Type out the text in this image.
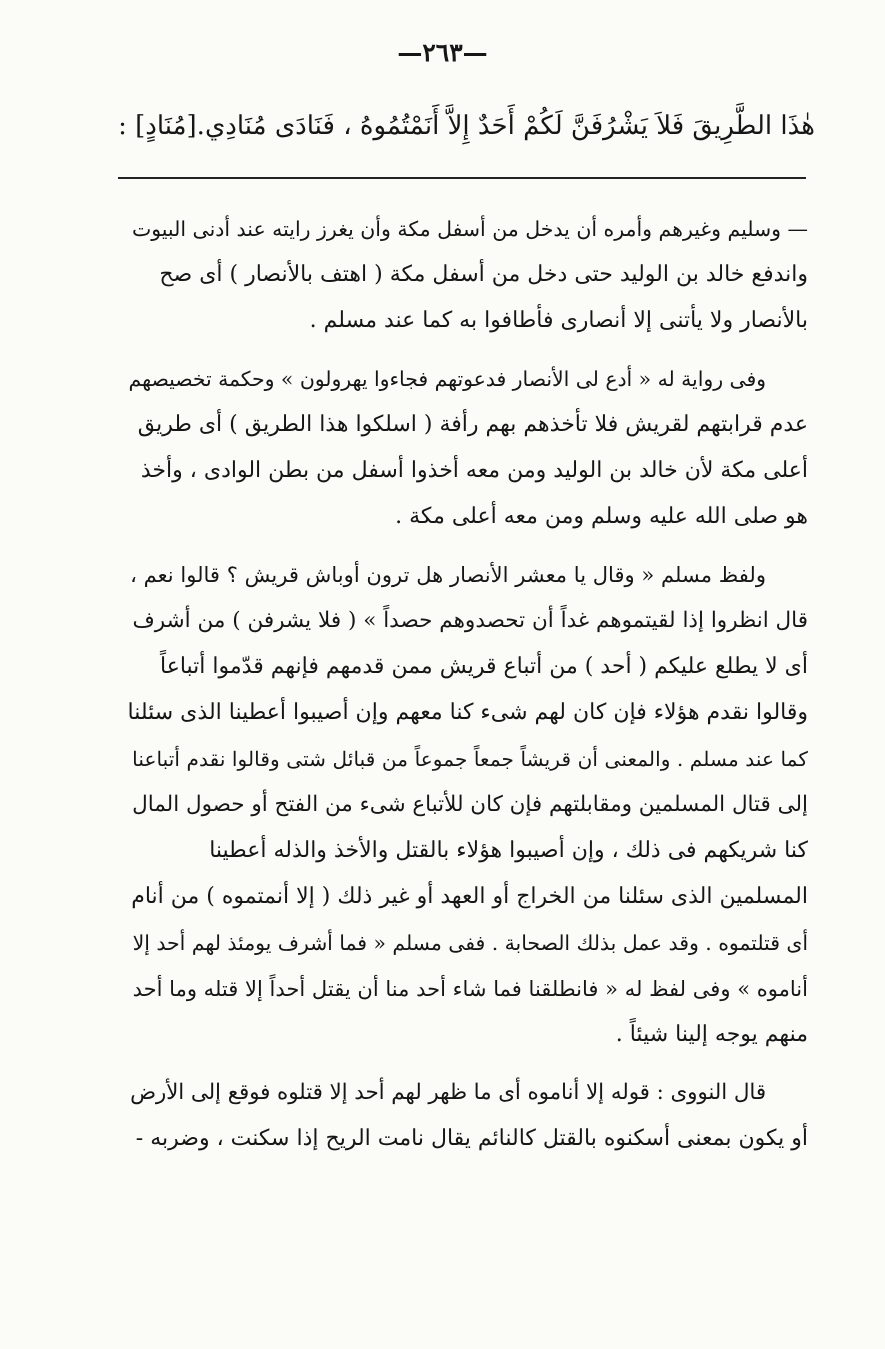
—٢٦٣—
هٰذَا الطَّرِيقَ فَلاَ يَشْرُفَنَّ لَكُمْ أَحَدٌ إِلاَّ أَنَمْتُمُوهُ ، فَنَادَى مُنَادِي.[مُنَادٍ] :
— وسليم وغيرهم وأمره أن يدخل من أسفل مكة وأن يغرز رايته عند أدنى البيوت
واندفع خالد بن الوليد حتى دخل من أسفل مكة ( اهتف بالأنصار ) أى صح
بالأنصار ولا يأتنى إلا أنصارى فأطافوا به كما عند مسلم .
وفى رواية له « أدع لى الأنصار فدعوتهم فجاءوا يهرولون » وحكمة تخصيصهم
عدم قرابتهم لقريش فلا تأخذهم بهم رأفة ( اسلكوا هذا الطريق ) أى طريق
أعلى مكة لأن خالد بن الوليد ومن معه أخذوا أسفل من بطن الوادى ، وأخذ
هو صلى الله عليه وسلم ومن معه أعلى مكة .
ولفظ مسلم « وقال يا معشر الأنصار هل ترون أوباش قريش ؟ قالوا نعم ،
قال انظروا إذا لقيتموهم غداً أن تحصدوهم حصداً » ( فلا يشرفن ) من أشرف
أى لا يطلع عليكم ( أحد ) من أتباع قريش ممن قدمهم فإنهم قدّموا أتباعاً
وقالوا نقدم هؤلاء فإن كان لهم شىء كنا معهم وإن أصيبوا أعطينا الذى سئلنا
كما عند مسلم . والمعنى أن قريشاً جمعاً جموعاً من قبائل شتى وقالوا نقدم أتباعنا
إلى قتال المسلمين ومقابلتهم فإن كان للأتباع شىء من الفتح أو حصول المال
كنا شريكهم فى ذلك ، وإن أصيبوا هؤلاء بالقتل والأخذ والذله أعطينا
المسلمين الذى سئلنا من الخراج أو العهد أو غير ذلك ( إلا أنمتموه ) من أنام
أى قتلتموه . وقد عمل بذلك الصحابة . ففى مسلم « فما أشرف يومئذ لهم أحد إلا
أناموه » وفى لفظ له « فانطلقنا فما شاء أحد منا أن يقتل أحداً إلا قتله وما أحد
منهم يوجه إلينا شيئاً .
قال النووى : قوله إلا أناموه أى ما ظهر لهم أحد إلا قتلوه فوقع إلى الأرض
أو يكون بمعنى أسكنوه بالقتل كالنائم يقال نامت الريح إذا سكنت ، وضربه -
